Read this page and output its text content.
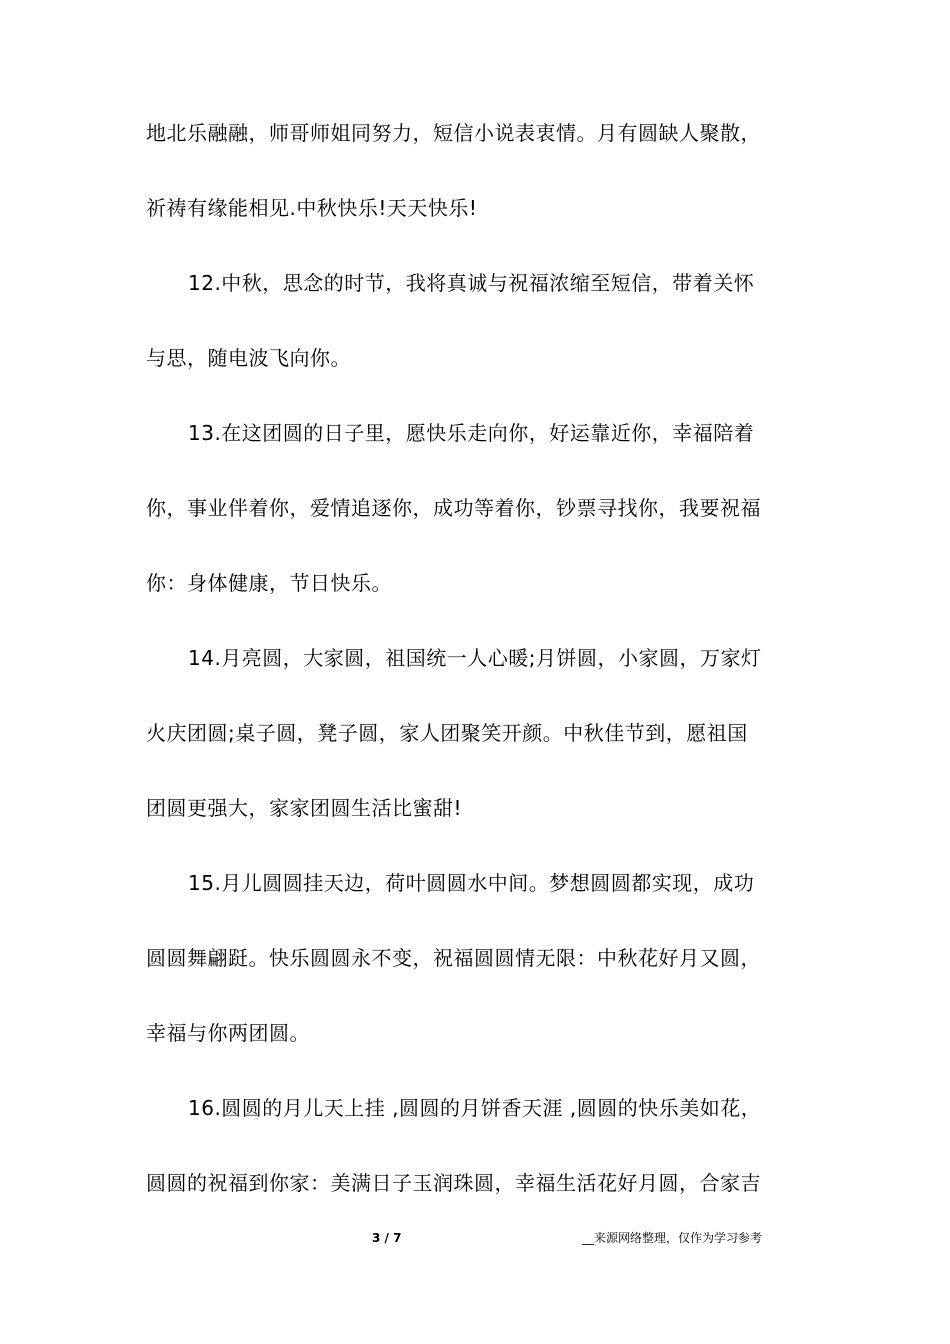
地北乐融融，师哥师姐同努力，短信小说表衷情。月有圆缺人聚散，
祈祷有缘能相见.中秋快乐!天天快乐!
12.中秋，思念的时节，我将真诚与祝福浓缩至短信，带着关怀
与思，随电波飞向你。
13.在这团圆的日子里，愿快乐走向你，好运靠近你，幸福陪着
你，事业伴着你，爱情追逐你，成功等着你，钞票寻找你，我要祝福
你：身体健康，节日快乐。
14.月亮圆，大家圆，祖国统一人心暖;月饼圆，小家圆，万家灯
火庆团圆;桌子圆，凳子圆，家人团聚笑开颜。中秋佳节到，愿祖国
团圆更强大，家家团圆生活比蜜甜!
15.月儿圆圆挂天边，荷叶圆圆水中间。梦想圆圆都实现，成功
圆圆舞翩跹。快乐圆圆永不变，祝福圆圆情无限：中秋花好月又圆，
幸福与你两团圆。
16.圆圆的月儿天上挂 ,圆圆的月饼香天涯 ,圆圆的快乐美如花，
圆圆的祝福到你家：美满日子玉润珠圆，幸福生活花好月圆，合家吉
3 / 7	__来源网络整理，仅作为学习参考
